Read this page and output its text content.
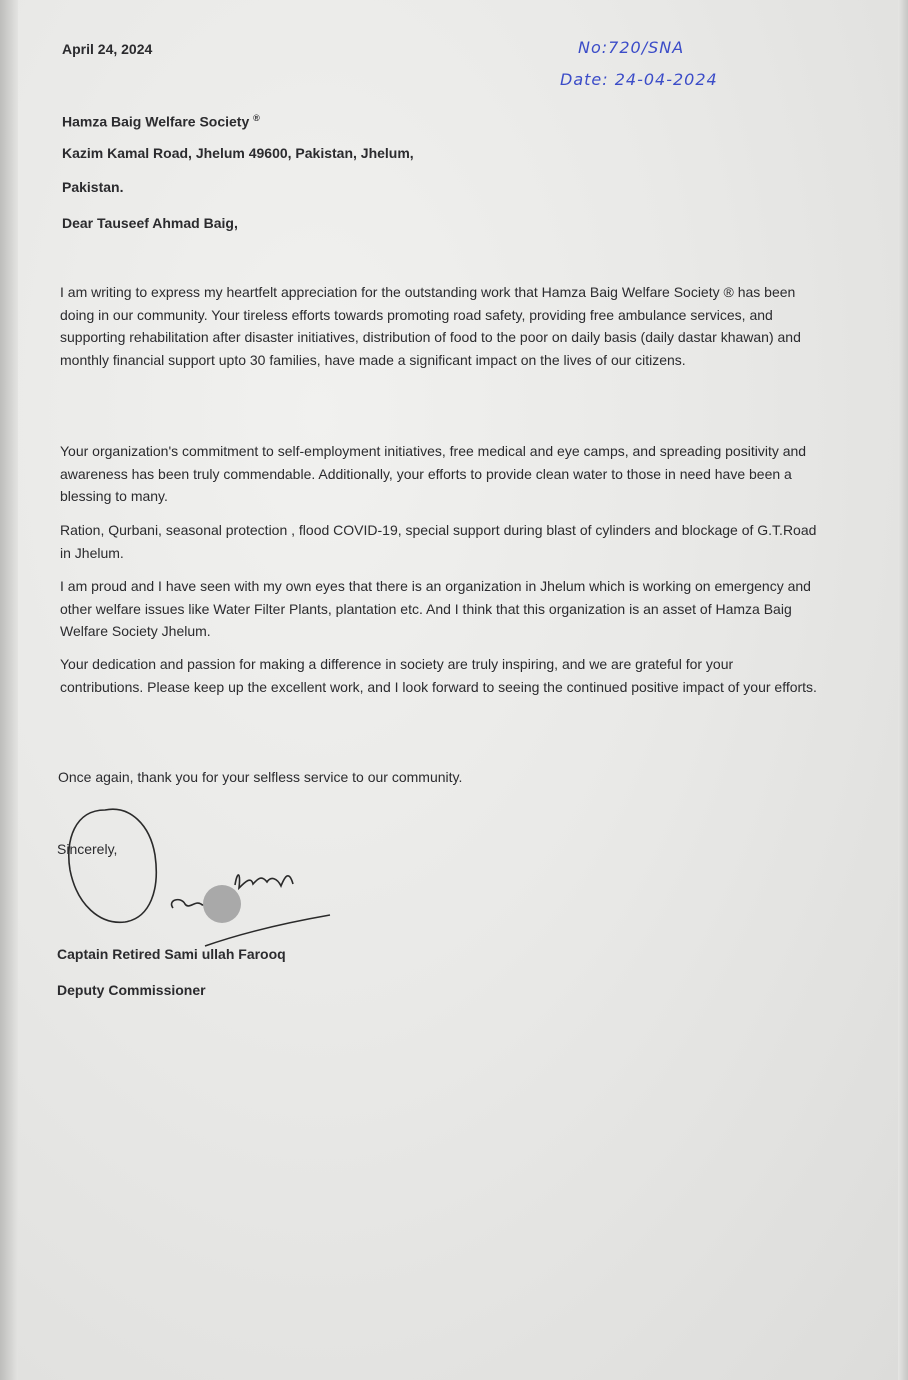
April 24, 2024	No:720/SNA
Date: 24-04-2024
Hamza Baig Welfare Society ®
Kazim Kamal Road, Jhelum 49600, Pakistan, Jhelum,
Pakistan.
Dear Tauseef Ahmad Baig,
I am writing to express my heartfelt appreciation for the outstanding work that Hamza Baig Welfare Society ® has been doing in our community. Your tireless efforts towards promoting road safety, providing free ambulance services, and supporting rehabilitation after disaster initiatives, distribution of food to the poor on daily basis (daily dastar khawan) and monthly financial support upto 30 families, have made a significant impact on the lives of our citizens.
Your organization's commitment to self-employment initiatives, free medical and eye camps, and spreading positivity and awareness has been truly commendable. Additionally, your efforts to provide clean water to those in need have been a blessing to many.
Ration, Qurbani, seasonal protection , flood COVID-19, special support during blast of cylinders and blockage of G.T.Road in Jhelum.
I am proud and I have seen with my own eyes that there is an organization in Jhelum which is working on emergency and other welfare issues like Water Filter Plants, plantation etc. And I think that this organization is an asset of Hamza Baig Welfare Society Jhelum.
Your dedication and passion for making a difference in society are truly inspiring, and we are grateful for your contributions. Please keep up the excellent work, and I look forward to seeing the continued positive impact of your efforts.
Once again, thank you for your selfless service to our community.
Sincerely,
Captain Retired Sami ullah Farooq
Deputy Commissioner
